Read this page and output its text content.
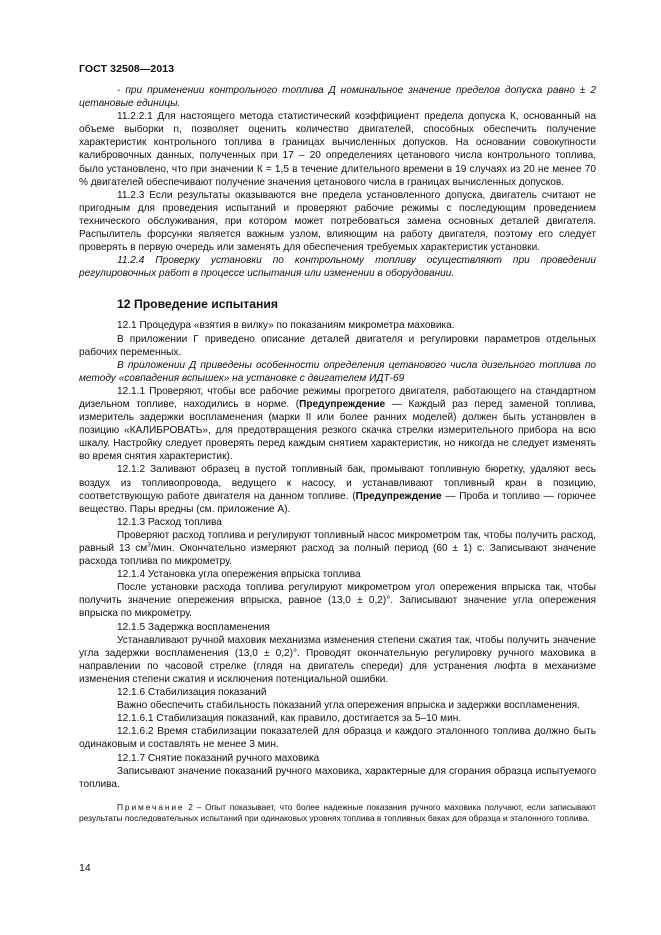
ГОСТ 32508—2013

- при применении контрольного топлива Д номинальное значение пределов допуска равно ± 2 цетановые единицы.

11.2.2.1 Для настоящего метода статистический коэффициент предела допуска К, основанный на объеме выборки n, позволяет оценить количество двигателей, способных обеспечить получение характеристик контрольного топлива в границах вычисленных допусков. На основании совокупности калибровочных данных, полученных при 17 – 20 определениях цетанового числа контрольного топлива, было установлено, что при значении К = 1,5 в течение длительного времени в 19 случаях из 20 не менее 70 % двигателей обеспечивают получение значения цетанового числа в границах вычисленных допусков.

11.2.3 Если результаты оказываются вне предела установленного допуска, двигатель считают не пригодным для проведения испытаний и проверяют рабочие режимы с последующим проведением технического обслуживания, при котором может потребоваться замена основных деталей двигателя. Распылитель форсунки является важным узлом, влияющим на работу двигателя, поэтому его следует проверять в первую очередь или заменять для обеспечения требуемых характеристик установки.

11.2.4 Проверку установки по контрольному топливу осуществляют при проведении регулировочных работ в процессе испытания или изменении в оборудовании.

12 Проведение испытания

12.1 Процедура «взятия в вилку» по показаниям микрометра маховика.

В приложении Г приведено описание деталей двигателя и регулировки параметров отдельных рабочих переменных.

В приложении Д приведены особенности определения цетанового числа дизельного топлива по методу «совпадения вспышек» на установке с двигателем ИДТ-69

12.1.1 Проверяют, чтобы все рабочие режимы прогретого двигателя, работающего на стандартном дизельном топливе, находились в норме. (Предупреждение — Каждый раз перед заменой топлива, измеритель задержки воспламенения (марки II или более ранних моделей) должен быть установлен в позицию «КАЛИБРОВАТЬ», для предотвращения резкого скачка стрелки измерительного прибора на всю шкалу. Настройку следует проверять перед каждым снятием характеристик, но никогда не следует изменять во время снятия характеристик).

12.1.2 Заливают образец в пустой топливный бак, промывают топливную бюретку, удаляют весь воздух из топливопровода, ведущего к насосу, и устанавливают топливный кран в позицию, соответствующую работе двигателя на данном топливе. (Предупреждение — Проба и топливо — горючее вещество. Пары вредны (см. приложение А).

12.1.3 Расход топлива

Проверяют расход топлива и регулируют топливный насос микрометром так, чтобы получить расход, равный 13 $см^3$/мин. Окончательно измеряют расход за полный период (60 ± 1) с. Записывают значение расхода топлива по микрометру.

12.1.4 Установка угла опережения впрыска топлива

После установки расхода топлива регулируют микрометром угол опережения впрыска так, чтобы получить значение опережения впрыска, равное (13,0 ± 0,2)°. Записывают значение угла опережения впрыска по микрометру.

12.1.5 Задержка воспламенения

Устанавливают ручной маховик механизма изменения степени сжатия так, чтобы получить значение угла задержки воспламенения (13,0 ± 0,2)°. Проводят окончательную регулировку ручного маховика в направлении по часовой стрелке (глядя на двигатель спереди) для устранения люфта в механизме изменения степени сжатия и исключения потенциальной ошибки.

12.1.6 Стабилизация показаний

Важно обеспечить стабильность показаний угла опережения впрыска и задержки воспламенения.

12.1.6.1 Стабилизация показаний, как правило, достигается за 5–10 мин.

12.1.6.2 Время стабилизации показателей для образца и каждого эталонного топлива должно быть одинаковым и составлять не менее 3 мин.

12.1.7 Снятие показаний ручного маховика

Записывают значение показаний ручного маховика, характерные для сгорания образца испытуемого топлива.

Примечание 2 – Опыт показывает, что более надежные показания ручного маховика получают, если записывают результаты последовательных испытаний при одинаковых уровнях топлива в топливных баках для образца и эталонного топлива.

14
